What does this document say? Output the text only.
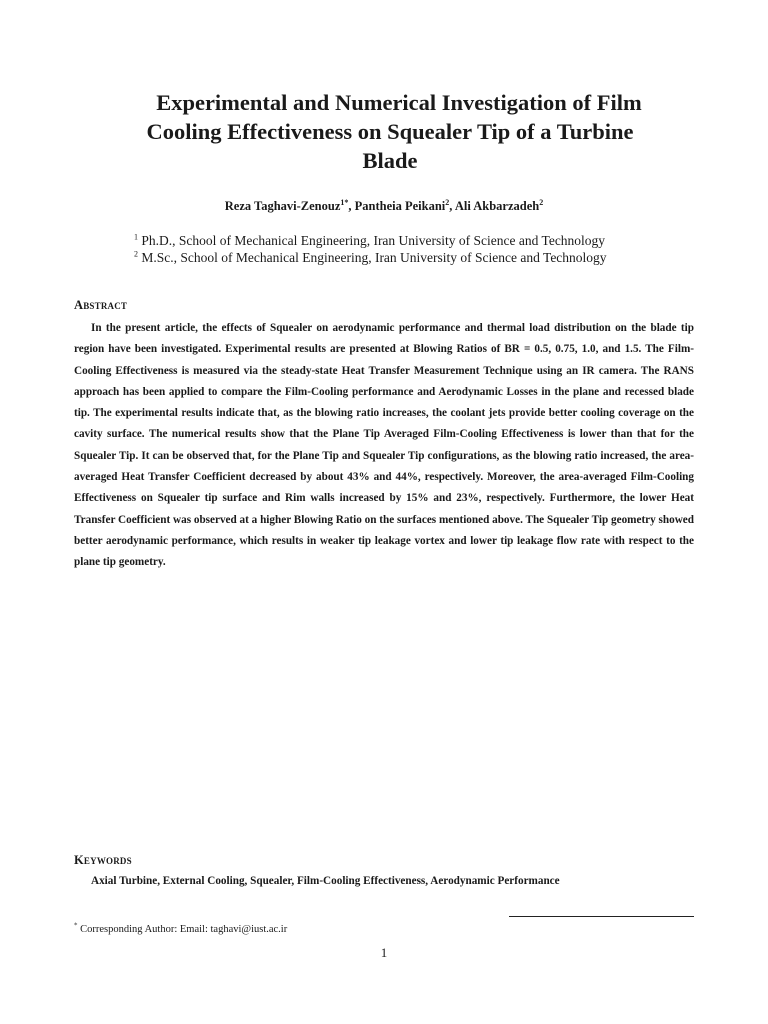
Experimental and Numerical Investigation of Film
Cooling Effectiveness on Squealer Tip of a Turbine
Blade

Reza Taghavi-Zenouz$^{1*}$, Pantheia Peikani$^2$, Ali Akbarzadeh$^2$

$^1$ Ph.D., School of Mechanical Engineering, Iran University of Science and Technology

$^2$ M.Sc., School of Mechanical Engineering, Iran University of Science and Technology

Abstract

In the present article, the effects of Squealer on aerodynamic performance and thermal load distribution on the blade tip region have been investigated. Experimental results are presented at Blowing Ratios of BR = 0.5, 0.75, 1.0, and 1.5. The Film-Cooling Effectiveness is measured via the steady-state Heat Transfer Measurement Technique using an IR camera. The RANS approach has been applied to compare the Film-Cooling performance and Aerodynamic Losses in the plane and recessed blade tip. The experimental results indicate that, as the blowing ratio increases, the coolant jets provide better cooling coverage on the cavity surface. The numerical results show that the Plane Tip Averaged Film-Cooling Effectiveness is lower than that for the Squealer Tip. It can be observed that, for the Plane Tip and Squealer Tip configurations, as the blowing ratio increased, the area-averaged Heat Transfer Coefficient decreased by about 43% and 44%, respectively. Moreover, the area-averaged Film-Cooling Effectiveness on Squealer tip surface and Rim walls increased by 15% and 23%, respectively. Furthermore, the lower Heat Transfer Coefficient was observed at a higher Blowing Ratio on the surfaces mentioned above. The Squealer Tip geometry showed better aerodynamic performance, which results in weaker tip leakage vortex and lower tip leakage flow rate with respect to the plane tip geometry.

Keywords

Axial Turbine, External Cooling, Squealer, Film-Cooling Effectiveness, Aerodynamic Performance

* Corresponding Author: Email: taghavi@iust.ac.ir

1
